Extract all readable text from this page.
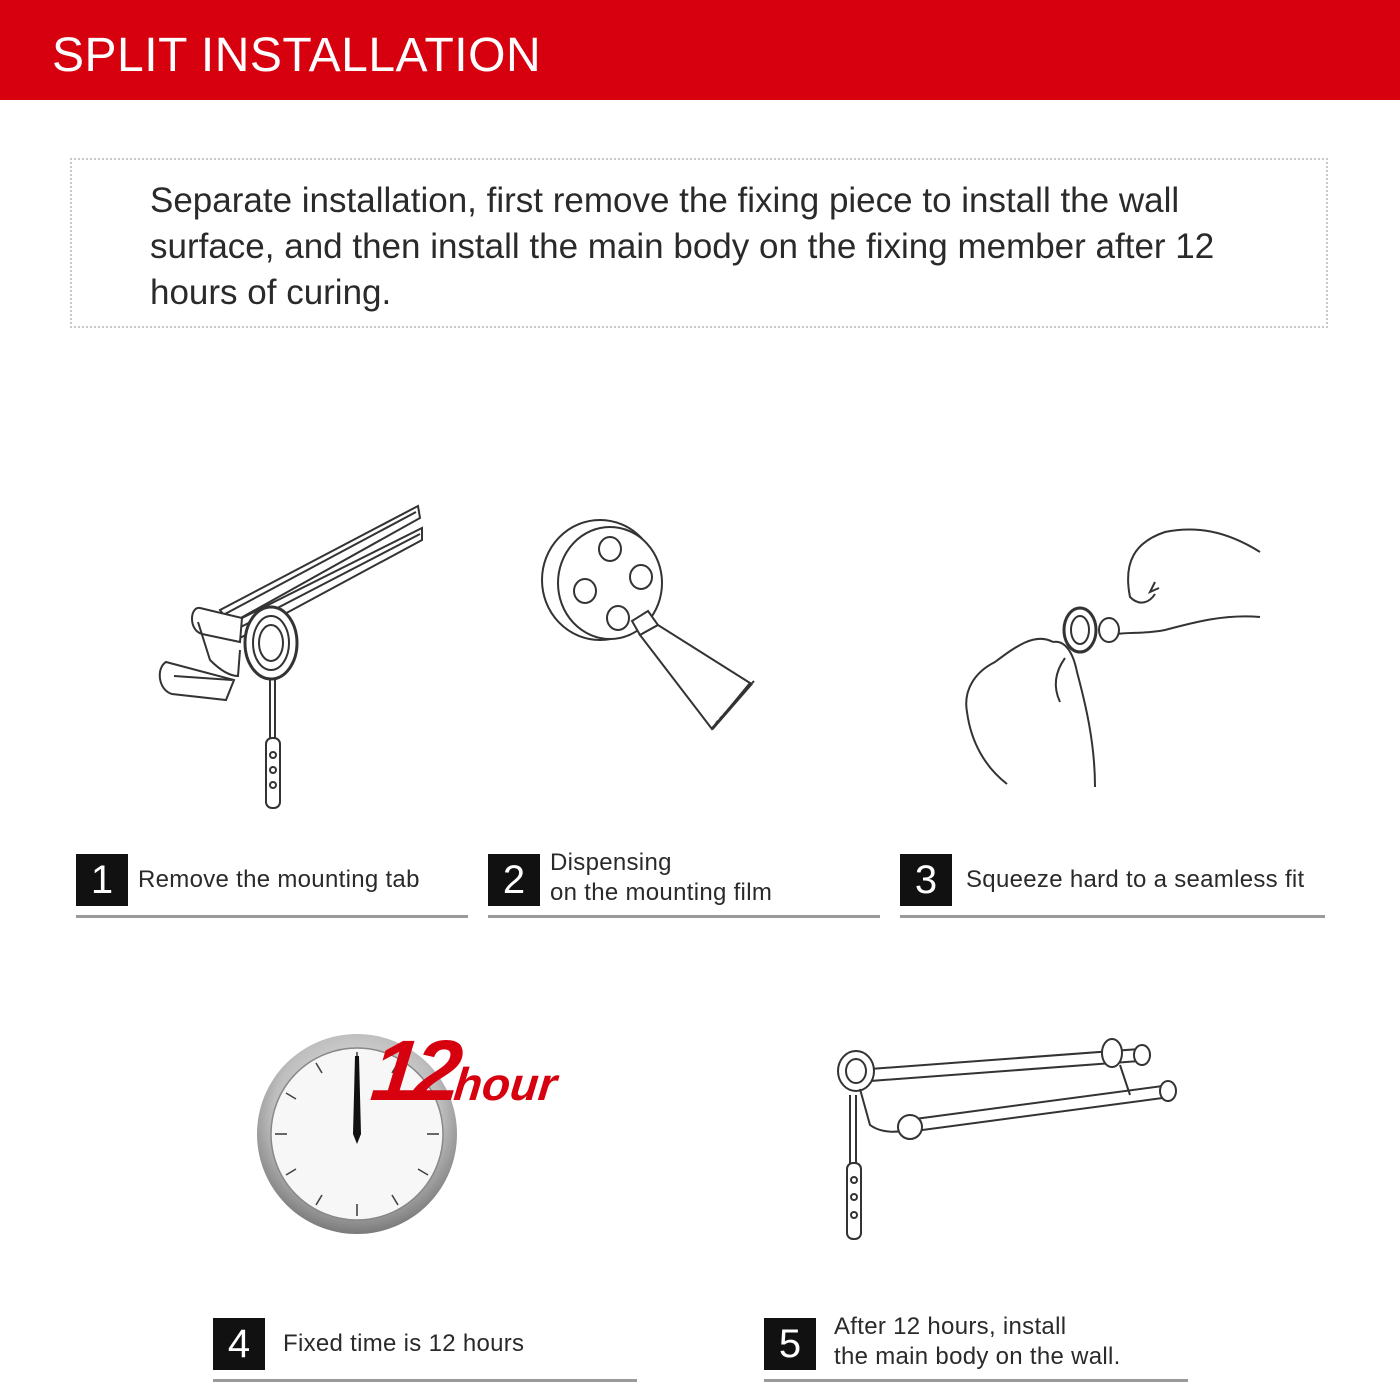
SPLIT INSTALLATION

Separate installation, first remove the fixing piece to install the wall surface, and then install the main body on the fixing member after 12 hours of curing.

12hour
1	Remove the mounting tab	2	Dispensing
on the mounting film	3	Squeeze hard to a seamless fit
4	Fixed time is 12 hours	5	After 12 hours, install
the main body on the wall.
